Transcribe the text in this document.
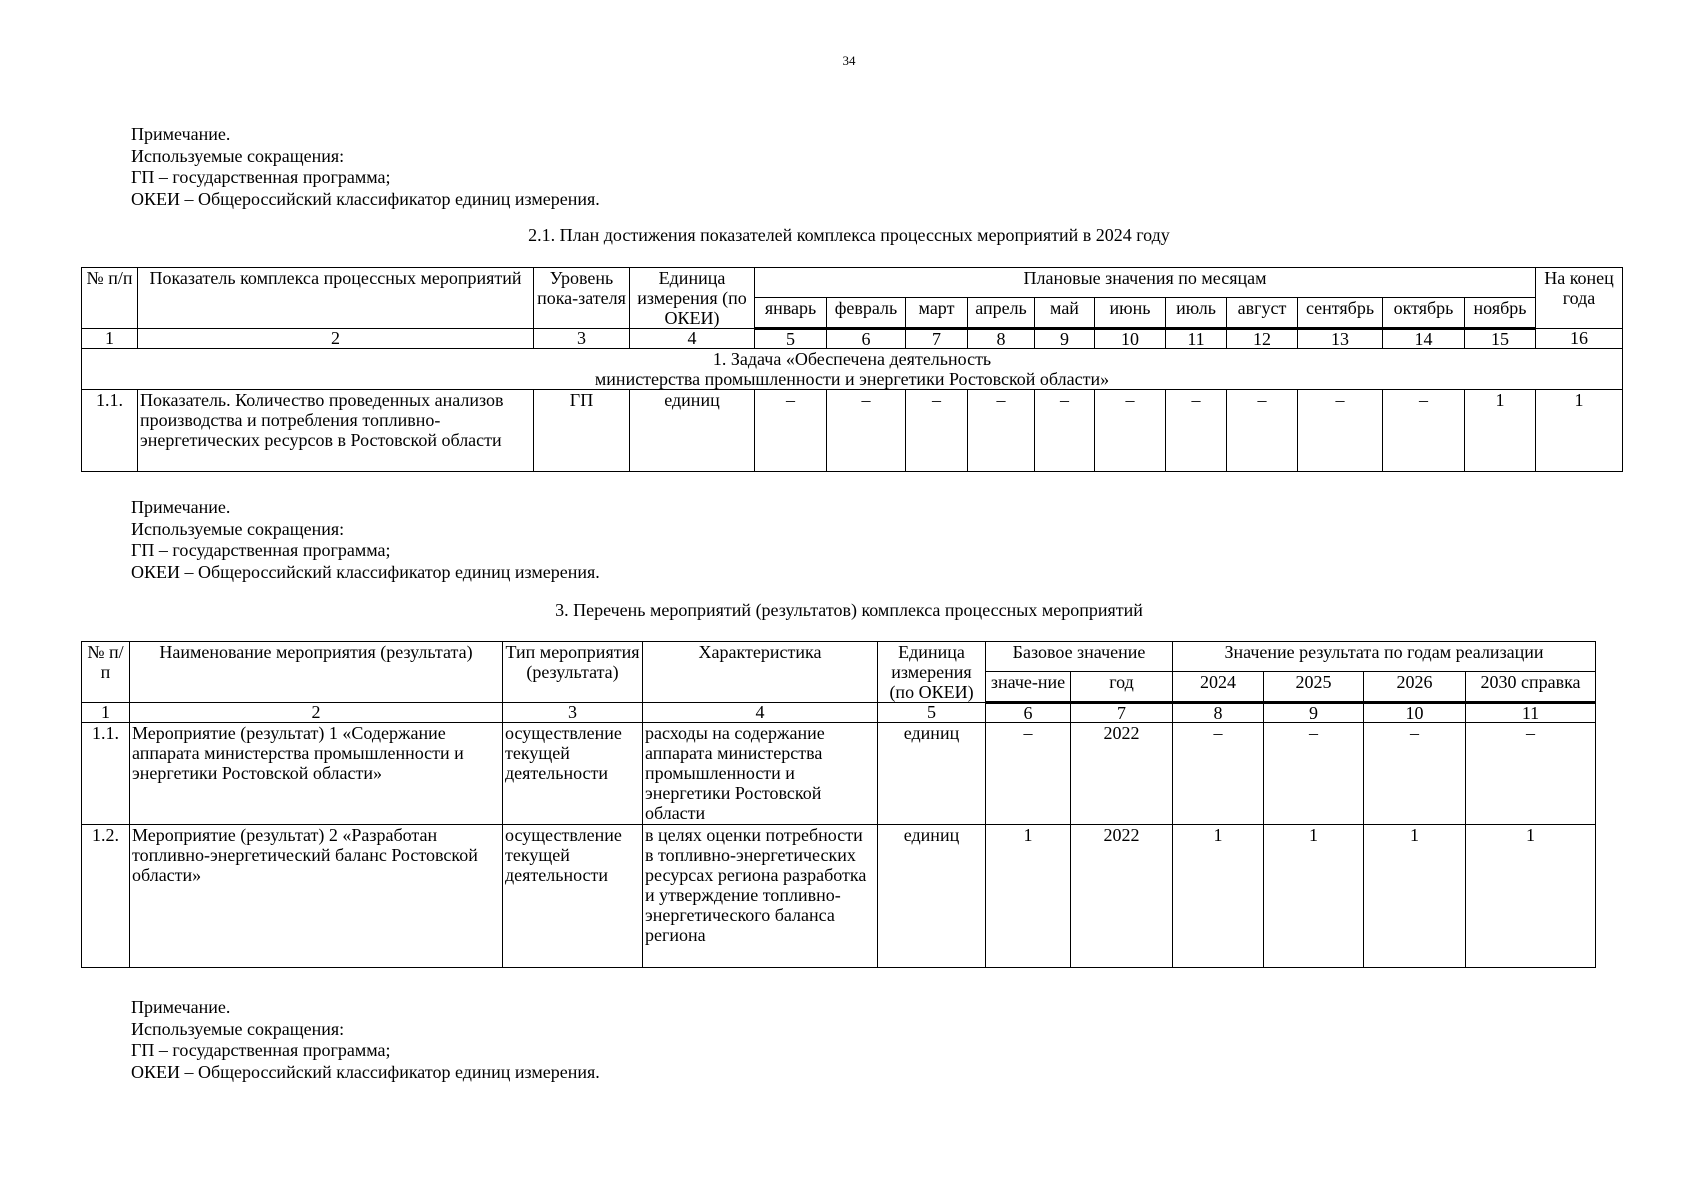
34
Примечание.
Используемые сокращения:
ГП – государственная программа;
ОКЕИ – Общероссийский классификатор единиц измерения.
2.1. План достижения показателей комплекса процессных мероприятий в 2024 году
№ п/п	Показатель комплекса процессных мероприятий	Уровень пока-зателя	Единица измерения (по ОКЕИ)	Плановые значения по месяцам											На конец года
				январь	февраль	март	апрель	май	июнь	июль	август	сентябрь	октябрь	ноябрь	
1	2	3	4	5	6	7	8	9	10	11	12	13	14	15	16

1. Задача «Обеспечена деятельность
министерства промышленности и энергетики Ростовской области»															

1.1.	Показатель. Количество проведенных анализов производства и потребления топливно-энергетических ресурсов в Ростовской области	ГП	единиц	–	–	–	–	–	–	–	–	–	–	1	1
Примечание.
Используемые сокращения:
ГП – государственная программа;
ОКЕИ – Общероссийский классификатор единиц измерения.
3. Перечень мероприятий (результатов) комплекса процессных мероприятий
№ п/п	Наименование мероприятия (результата)	Тип мероприятия (результата)	Характеристика	Единица измерения (по ОКЕИ)	Базовое значение		Значение результата по годам реализации			
					значе-ние	год	2024	2025	2026	2030 справка
1	2	3	4	5	6	7	8	9	10	11
1.1.	Мероприятие (результат) 1 «Содержание аппарата министерства промышленности и энергетики Ростовской области»	осуществление текущей деятельности	расходы на содержание аппарата министерства промышленности и энергетики Ростовской области	единиц	–	2022	–	–	–	–
1.2.	Мероприятие (результат) 2 «Разработан топливно-энергетический баланс Ростовской области»	осуществление текущей деятельности	в целях оценки потребности в топливно-энергетических ресурсах региона разработка и утверждение топливно-энергетического баланса региона	единиц	1	2022	1	1	1	1
Примечание.
Используемые сокращения:
ГП – государственная программа;
ОКЕИ – Общероссийский классификатор единиц измерения.
